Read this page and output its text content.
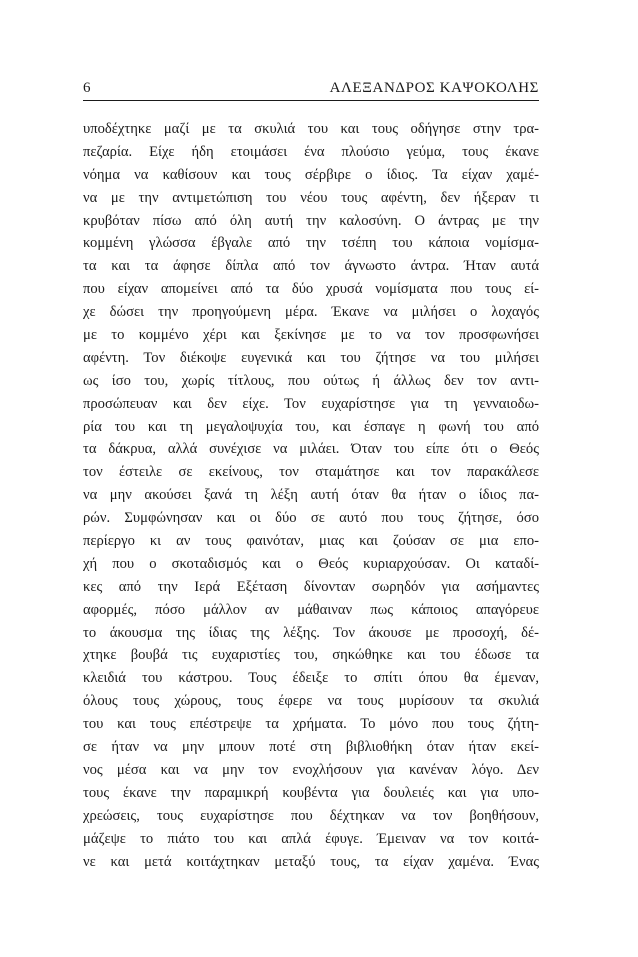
6	ΑΛΕΞΑΝΔΡΟΣ ΚΑΨΟΚΟΛΗΣ
υποδέχτηκε μαζί με τα σκυλιά του και τους οδήγησε στην τρα-
πεζαρία. Είχε ήδη ετοιμάσει ένα πλούσιο γεύμα, τους έκανε
νόημα να καθίσουν και τους σέρβιρε ο ίδιος. Τα είχαν χαμέ-
να με την αντιμετώπιση του νέου τους αφέντη, δεν ήξεραν τι
κρυβόταν πίσω από όλη αυτή την καλοσύνη. Ο άντρας με την
κομμένη γλώσσα έβγαλε από την τσέπη του κάποια νομίσμα-
τα και τα άφησε δίπλα από τον άγνωστο άντρα. Ήταν αυτά
που είχαν απομείνει από τα δύο χρυσά νομίσματα που τους εί-
χε δώσει την προηγούμενη μέρα. Έκανε να μιλήσει ο λοχαγός
με το κομμένο χέρι και ξεκίνησε με το να τον προσφωνήσει
αφέντη. Τον διέκοψε ευγενικά και του ζήτησε να του μιλήσει
ως ίσο του, χωρίς τίτλους, που ούτως ή άλλως δεν τον αντι-
προσώπευαν και δεν είχε. Τον ευχαρίστησε για τη γενναιοδω-
ρία του και τη μεγαλοψυχία του, και έσπαγε η φωνή του από
τα δάκρυα, αλλά συνέχισε να μιλάει. Όταν του είπε ότι ο Θεός
τον έστειλε σε εκείνους, τον σταμάτησε και τον παρακάλεσε
να μην ακούσει ξανά τη λέξη αυτή όταν θα ήταν ο ίδιος πα-
ρών. Συμφώνησαν και οι δύο σε αυτό που τους ζήτησε, όσο
περίεργο κι αν τους φαινόταν, μιας και ζούσαν σε μια επο-
χή που ο σκοταδισμός και ο Θεός κυριαρχούσαν. Οι καταδί-
κες από την Ιερά Εξέταση δίνονταν σωρηδόν για ασήμαντες
αφορμές, πόσο μάλλον αν μάθαιναν πως κάποιος απαγόρευε
το άκουσμα της ίδιας της λέξης. Τον άκουσε με προσοχή, δέ-
χτηκε βουβά τις ευχαριστίες του, σηκώθηκε και του έδωσε τα
κλειδιά του κάστρου. Τους έδειξε το σπίτι όπου θα έμεναν,
όλους τους χώρους, τους έφερε να τους μυρίσουν τα σκυλιά
του και τους επέστρεψε τα χρήματα. Το μόνο που τους ζήτη-
σε ήταν να μην μπουν ποτέ στη βιβλιοθήκη όταν ήταν εκεί-
νος μέσα και να μην τον ενοχλήσουν για κανέναν λόγο. Δεν
τους έκανε την παραμικρή κουβέντα για δουλειές και για υπο-
χρεώσεις, τους ευχαρίστησε που δέχτηκαν να τον βοηθήσουν,
μάζεψε το πιάτο του και απλά έφυγε. Έμειναν να τον κοιτά-
νε και μετά κοιτάχτηκαν μεταξύ τους, τα είχαν χαμένα. Ένας
